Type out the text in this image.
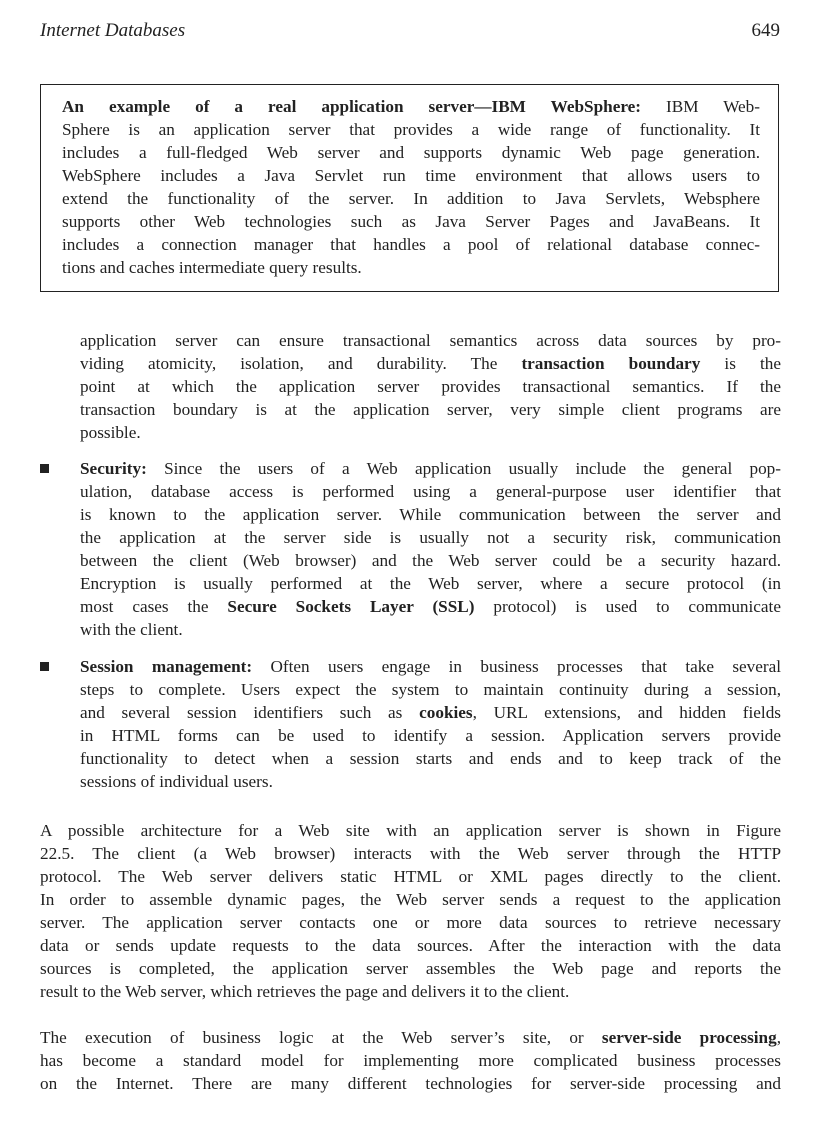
Internet Databases	649
An example of a real application server—IBM WebSphere: IBM Web-
Sphere is an application server that provides a wide range of functionality. It
includes a full-fledged Web server and supports dynamic Web page generation.
WebSphere includes a Java Servlet run time environment that allows users to
extend the functionality of the server. In addition to Java Servlets, Websphere
supports other Web technologies such as Java Server Pages and JavaBeans. It
includes a connection manager that handles a pool of relational database connec-
tions and caches intermediate query results.
application server can ensure transactional semantics across data sources by pro-
viding atomicity, isolation, and durability. The transaction boundary is the
point at which the application server provides transactional semantics. If the
transaction boundary is at the application server, very simple client programs are
possible.
Security: Since the users of a Web application usually include the general pop-
ulation, database access is performed using a general-purpose user identifier that
is known to the application server. While communication between the server and
the application at the server side is usually not a security risk, communication
between the client (Web browser) and the Web server could be a security hazard.
Encryption is usually performed at the Web server, where a secure protocol (in
most cases the Secure Sockets Layer (SSL) protocol) is used to communicate
with the client.
Session management: Often users engage in business processes that take several
steps to complete. Users expect the system to maintain continuity during a session,
and several session identifiers such as cookies, URL extensions, and hidden fields
in HTML forms can be used to identify a session. Application servers provide
functionality to detect when a session starts and ends and to keep track of the
sessions of individual users.
A possible architecture for a Web site with an application server is shown in Figure
22.5. The client (a Web browser) interacts with the Web server through the HTTP
protocol. The Web server delivers static HTML or XML pages directly to the client.
In order to assemble dynamic pages, the Web server sends a request to the application
server. The application server contacts one or more data sources to retrieve necessary
data or sends update requests to the data sources. After the interaction with the data
sources is completed, the application server assembles the Web page and reports the
result to the Web server, which retrieves the page and delivers it to the client.
The execution of business logic at the Web server’s site, or server-side processing,
has become a standard model for implementing more complicated business processes
on the Internet. There are many different technologies for server-side processing and
